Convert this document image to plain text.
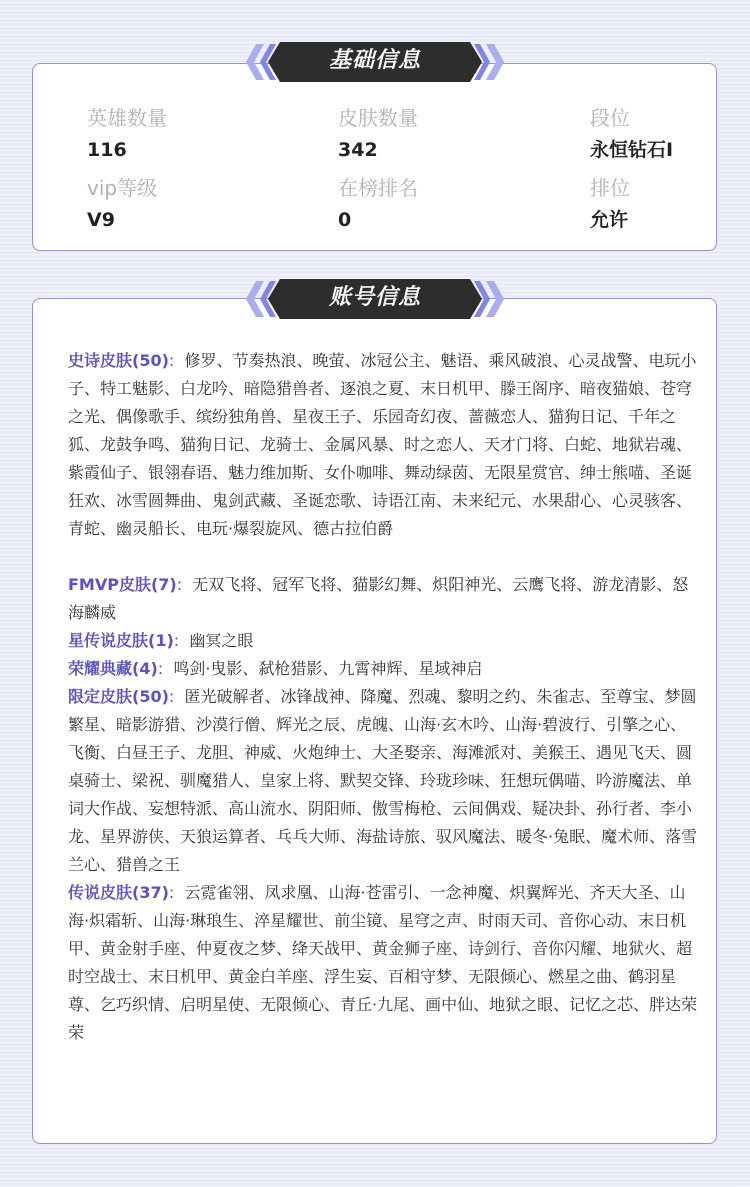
英雄数量
116
皮肤数量
342
段位
永恒钻石I
vip等级
V9
在榜排名
0
排位
允许

史诗皮肤(50):  修罗、节奏热浪、晚萤、冰冠公主、魅语、乘风破浪、心灵战警、电玩小子、特工魅影、白龙吟、暗隐猎兽者、逐浪之夏、末日机甲、滕王阁序、暗夜猫娘、苍穹之光、偶像歌手、缤纷独角兽、星夜王子、乐园奇幻夜、蔷薇恋人、猫狗日记、千年之狐、龙鼓争鸣、猫狗日记、龙骑士、金属风暴、时之恋人、天才门将、白蛇、地狱岩魂、紫霞仙子、银翎春语、魅力维加斯、女仆咖啡、舞动绿茵、无限星赏官、绅士熊喵、圣诞狂欢、冰雪圆舞曲、鬼剑武藏、圣诞恋歌、诗语江南、未来纪元、水果甜心、心灵骇客、青蛇、幽灵船长、电玩·爆裂旋风、德古拉伯爵

FMVP皮肤(7):  无双飞将、冠军飞将、猫影幻舞、炽阳神光、云鹰飞将、游龙清影、怒海麟威

星传说皮肤(1):  幽冥之眼

荣耀典藏(4):  鸣剑·曳影、弑枪猎影、九霄神辉、星域神启

限定皮肤(50):  匿光破解者、冰锋战神、降魔、烈魂、黎明之约、朱雀志、至尊宝、梦圆繁星、暗影游猎、沙漠行僧、辉光之辰、虎魄、山海·玄木吟、山海·碧波行、引擎之心、飞衡、白昼王子、龙胆、神威、火炮绅士、大圣娶亲、海滩派对、美猴王、遇见飞天、圆桌骑士、梁祝、驯魔猎人、皇家上将、默契交锋、玲珑珍味、狂想玩偶喵、吟游魔法、单词大作战、妄想特派、高山流水、阴阳师、傲雪梅枪、云间偶戏、疑决卦、孙行者、李小龙、星界游侠、天狼运算者、乓乓大师、海盐诗旅、驭风魔法、暖冬·兔眠、魔术师、落雪兰心、猎兽之王

传说皮肤(37):  云霓雀翎、凤求凰、山海·苍雷引、一念神魔、炽翼辉光、齐天大圣、山海·炽霜斩、山海·琳琅生、淬星耀世、前尘镜、星穹之声、时雨天司、音你心动、末日机甲、黄金射手座、仲夏夜之梦、绛天战甲、黄金狮子座、诗剑行、音你闪耀、地狱火、超时空战士、末日机甲、黄金白羊座、浮生妄、百相守梦、无限倾心、燃星之曲、鹤羽星尊、乞巧织情、启明星使、无限倾心、青丘·九尾、画中仙、地狱之眼、记忆之芯、胖达荣荣

基础信息
账号信息
